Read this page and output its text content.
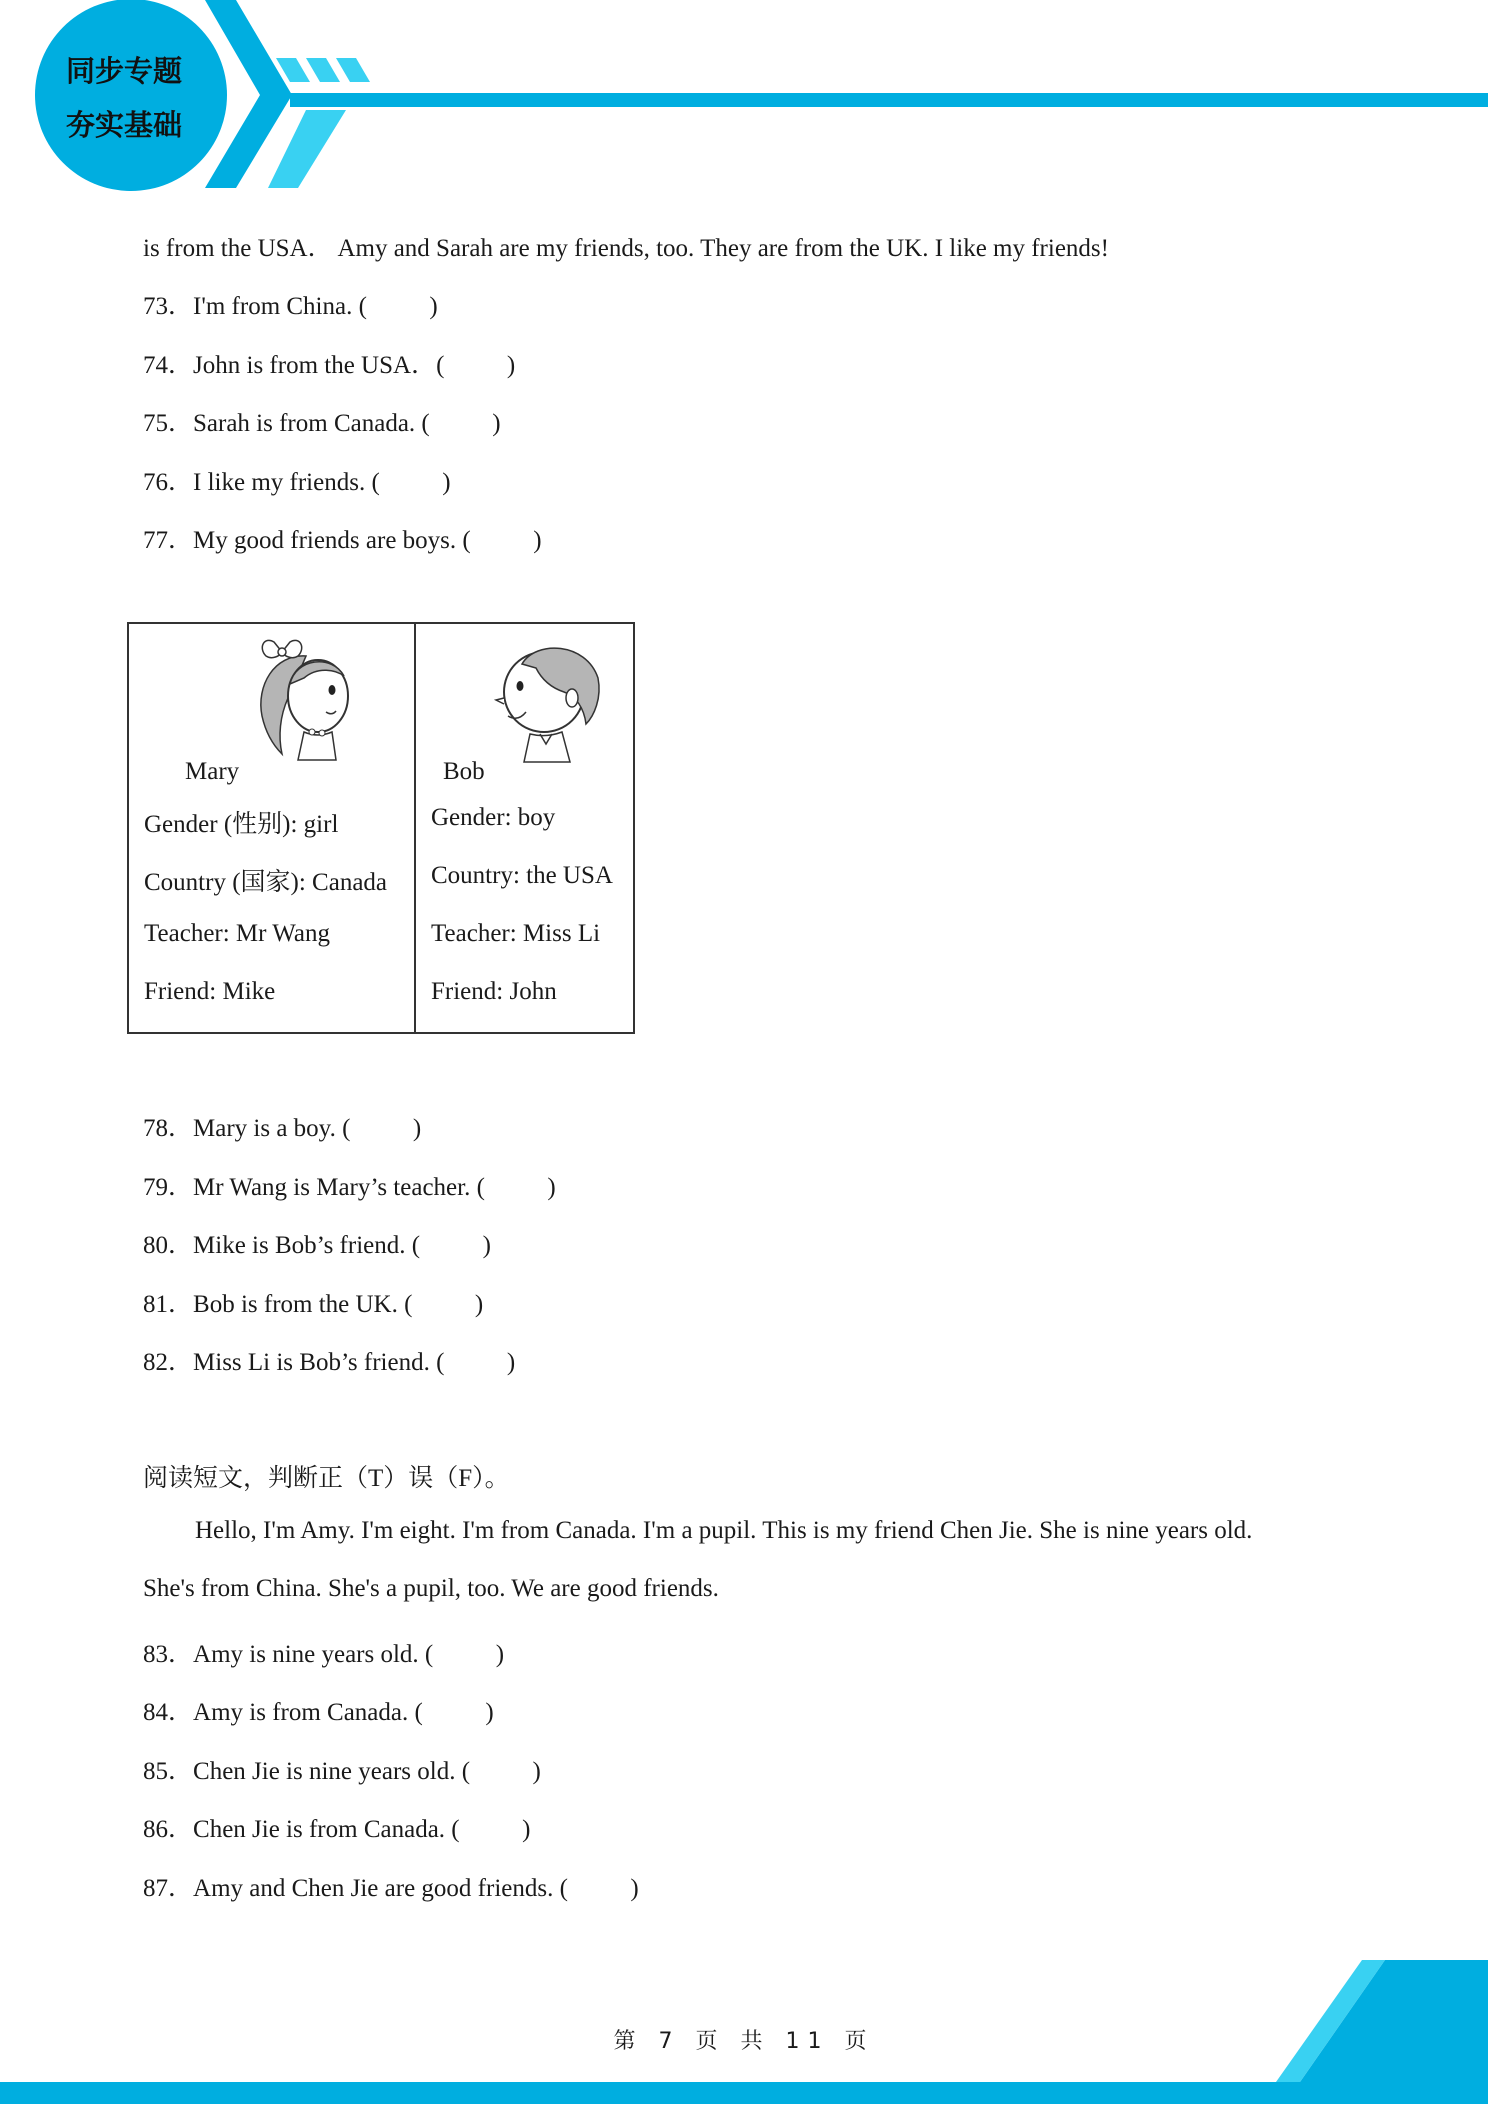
同步专题
夯实基础
is from the USA． Amy and Sarah are my friends, too. They are from the UK. I like my friends!
73．I'm from China. (          )
74．John is from the USA．(          )
75．Sarah is from Canada. (          )
76．I like my friends. (          )
77．My good friends are boys. (          )
Mary
Gender (性别): girl
Country (国家): Canada
Teacher: Mr Wang
Friend: Mike

Bob
Gender: boy
Country: the USA
Teacher: Miss Li
Friend: John
78．Mary is a boy. (          )
79．Mr Wang is Mary’s teacher. (          )
80．Mike is Bob’s friend. (          )
81．Bob is from the UK. (          )
82．Miss Li is Bob’s friend. (          )
阅读短文，判断正（T）误（F）。
Hello, I'm Amy. I'm eight. I'm from Canada. I'm a pupil. This is my friend Chen Jie. She is nine years old.
She's from China. She's a pupil, too. We are good friends.
83．Amy is nine years old. (          )
84．Amy is from Canada. (          )
85．Chen Jie is nine years old. (          )
86．Chen Jie is from Canada. (          )
87．Amy and Chen Jie are good friends. (          )
第 7 页 共 11 页
